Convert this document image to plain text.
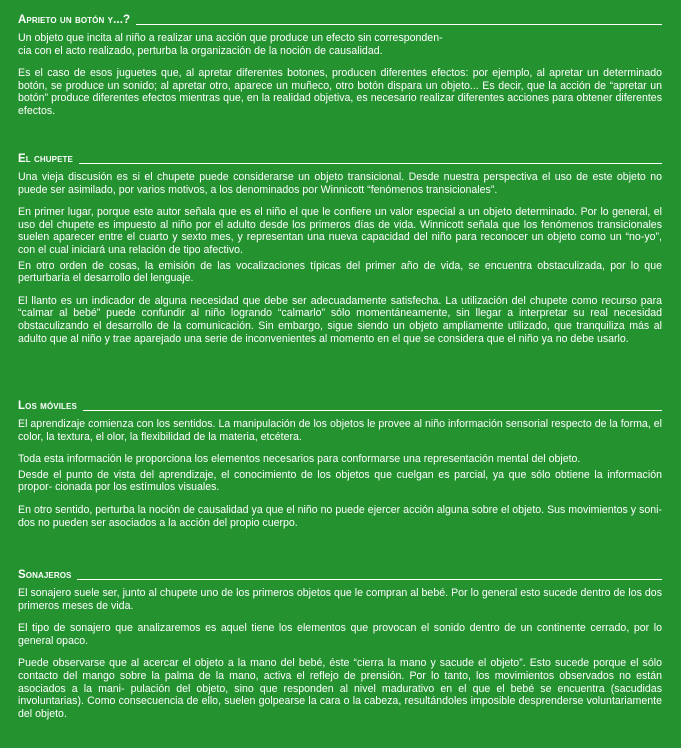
Aprieto un botón y...?

Un objeto que incita al niño a realizar una acción que produce un efecto sin corresponden- cia con el acto realizado, perturba la organización de la noción de causalidad.

Es el caso de esos juguetes que, al apretar diferentes botones, producen diferentes efectos: por ejemplo, al apretar un determinado botón, se produce un sonido; al apretar otro, aparece un muñeco, otro botón dispara un objeto... Es decir, que la acción de “apretar un botón” produce diferentes efectos mientras que, en la realidad objetiva, es necesario realizar diferentes acciones para obtener diferentes efectos.

El chupete

Una vieja discusión es si el chupete puede considerarse un objeto transicional. Desde nuestra perspectiva el uso de este objeto no puede ser asimilado, por varios motivos, a los denominados por Winnicott “fenómenos transicionales”.

En primer lugar, porque este autor señala que es el niño el que le confiere un valor especial a un objeto determinado. Por lo general, el uso del chupete es impuesto al niño por el adulto desde los primeros días de vida. Winnicott señala que los fenómenos transicionales suelen aparecer entre el cuarto y sexto mes, y representan una nueva capacidad del niño para reconocer un objeto como un “no-yo”, con el cual iniciará una relación de tipo afectivo.

En otro orden de cosas, la emisión de las vocalizaciones típicas del primer año de vida, se encuentra obstaculizada, por lo que perturbaría el desarrollo del lenguaje.

El llanto es un indicador de alguna necesidad que debe ser adecuadamente satisfecha. La utilización del chupete como recurso para “calmar al bebé” puede confundir al niño logrando “calmarlo” sólo momentáneamente, sin llegar a interpretar su real necesidad obstaculizando el desarrollo de la comunicación. Sin embargo, sigue siendo un objeto ampliamente utilizado, que tranquiliza más al adulto que al niño y trae aparejado una serie de inconvenientes al momento en el que se considera que el niño ya no debe usarlo.

Los móviles

El aprendizaje comienza con los sentidos. La manipulación de los objetos le provee al niño información sensorial respecto de la forma, el color, la textura, el olor, la flexibilidad de la materia, etcétera.

Toda esta información le proporciona los elementos necesarios para conformarse una representación mental del objeto.

Desde el punto de vista del aprendizaje, el conocimiento de los objetos que cuelgan es parcial, ya que sólo obtiene la información propor- cionada por los estímulos visuales.

En otro sentido, perturba la noción de causalidad ya que el niño no puede ejercer acción alguna sobre el objeto. Sus movimientos y soni- dos no pueden ser asociados a la acción del propio cuerpo.

Sonajeros

El sonajero suele ser, junto al chupete uno de los primeros objetos que le compran al bebé. Por lo general esto sucede dentro de los dos primeros meses de vida.

El tipo de sonajero que analizaremos es aquel tiene los elementos que provocan el sonido dentro de un continente cerrado, por lo general opaco.

Puede observarse que al acercar el objeto a la mano del bebé, éste “cierra la mano y sacude el objeto”. Esto sucede porque el sólo contacto del mango sobre la palma de la mano, activa el reflejo de prensión. Por lo tanto, los movimientos observados no están asociados a la mani- pulación del objeto, sino que responden al nivel madurativo en el que el bebé se encuentra (sacudidas involuntarias). Como consecuencia de ello, suelen golpearse la cara o la cabeza, resultándoles imposible desprenderse voluntariamente del objeto.
